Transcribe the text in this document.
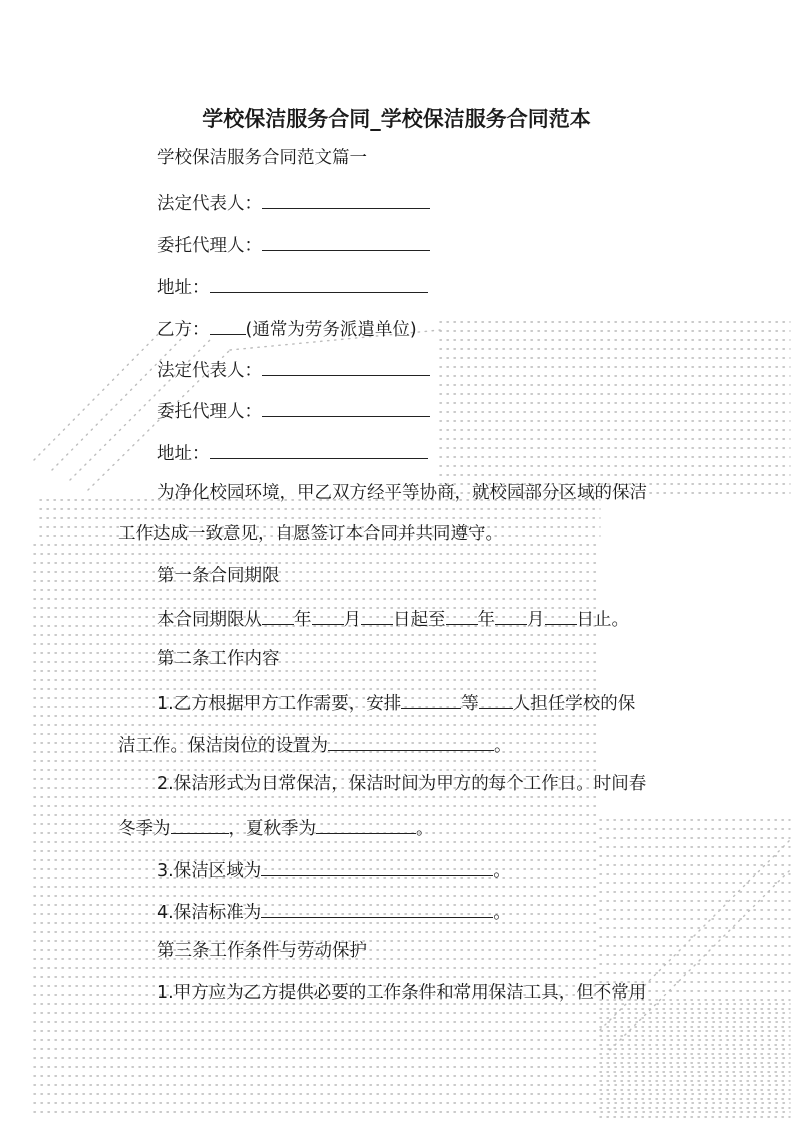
学校保洁服务合同_学校保洁服务合同范本
学校保洁服务合同范文篇一
法定代表人：
委托代理人：
地址：
乙方： (通常为劳务派遣单位)
法定代表人：
委托代理人：
地址：
为净化校园环境，甲乙双方经平等协商，就校园部分区域的保洁
工作达成一致意见，自愿签订本合同并共同遵守。
第一条合同期限
本合同期限从 年 月 日起至 年 月 日止。
第二条工作内容
1.乙方根据甲方工作需要，安排	等 人担任学校的保
洁工作。保洁岗位的设置为	。
2.保洁形式为日常保洁，保洁时间为甲方的每个工作日。时间春
冬季为	，夏秋季为	。
3.保洁区域为	。
4.保洁标准为	。
第三条工作条件与劳动保护
1.甲方应为乙方提供必要的工作条件和常用保洁工具，但不常用
